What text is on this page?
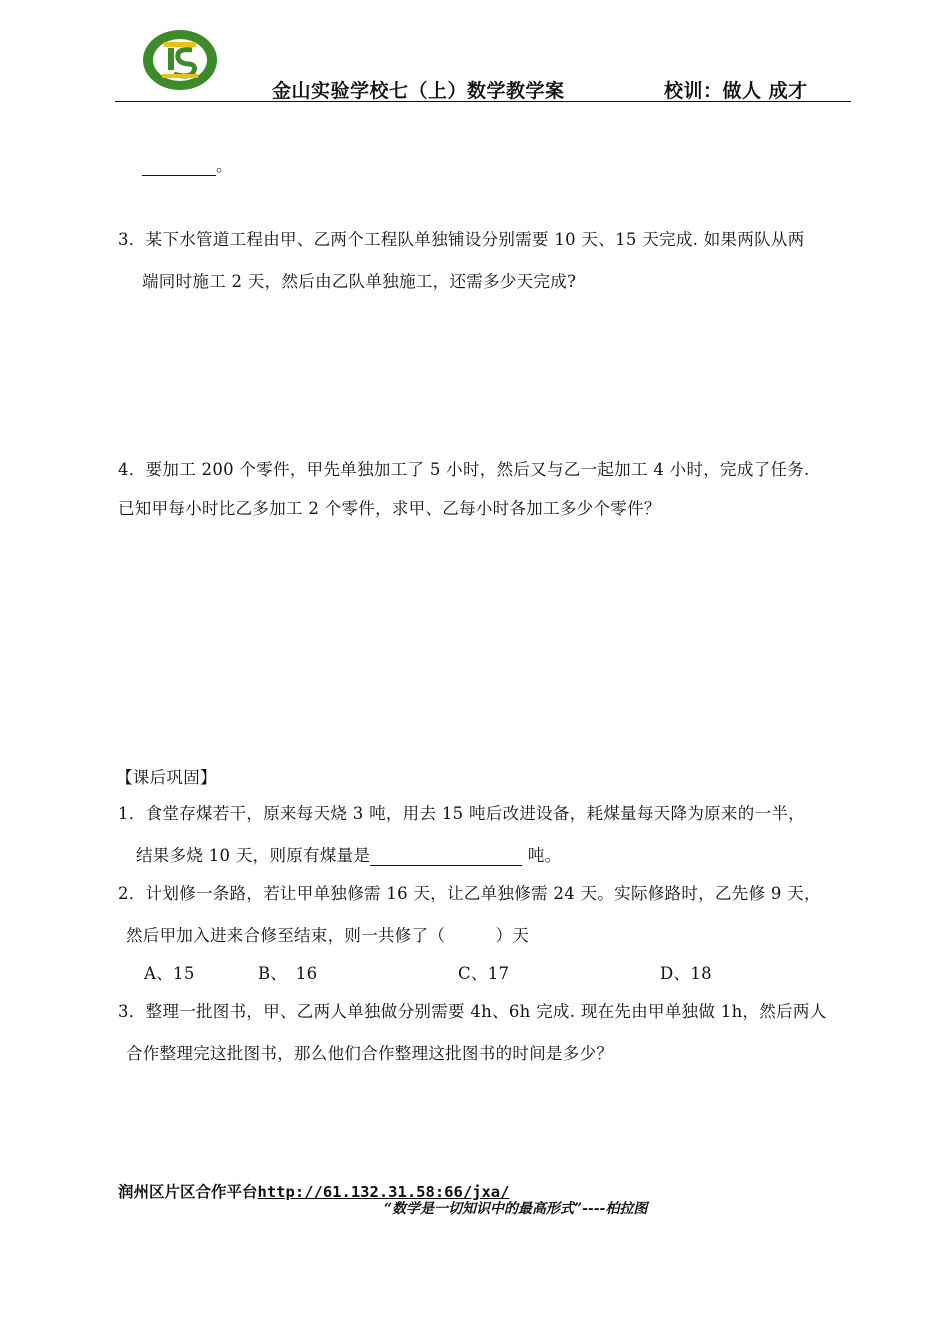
金山实验学校七（上）数学教学案	校训：做人 成才
。
3．某下水管道工程由甲、乙两个工程队单独铺设分别需要 10 天、15 天完成. 如果两队从两
端同时施工 2 天，然后由乙队单独施工，还需多少天完成?
4．要加工 200 个零件，甲先单独加工了 5 小时，然后又与乙一起加工 4 小时，完成了任务.
已知甲每小时比乙多加工 2 个零件，求甲、乙每小时各加工多少个零件？
【课后巩固】
1．食堂存煤若干，原来每天烧 3 吨，用去 15 吨后改进设备，耗煤量每天降为原来的一半，
结果多烧 10 天，则原有煤量是	吨。
2．计划修一条路，若让甲单独修需 16 天，让乙单独修需 24 天。实际修路时，乙先修 9 天，
然后甲加入进来合修至结束，则一共修了（　　　）天
A、15	B、　16	C、17	D、18
3．整理一批图书，甲、乙两人单独做分别需要 4h、6h 完成. 现在先由甲单独做 1h，然后两人
合作整理完这批图书，那么他们合作整理这批图书的时间是多少？
润州区片区合作平台http://61.132.31.58:66/jxa/
“数学是一切知识中的最高形式”----柏拉图
